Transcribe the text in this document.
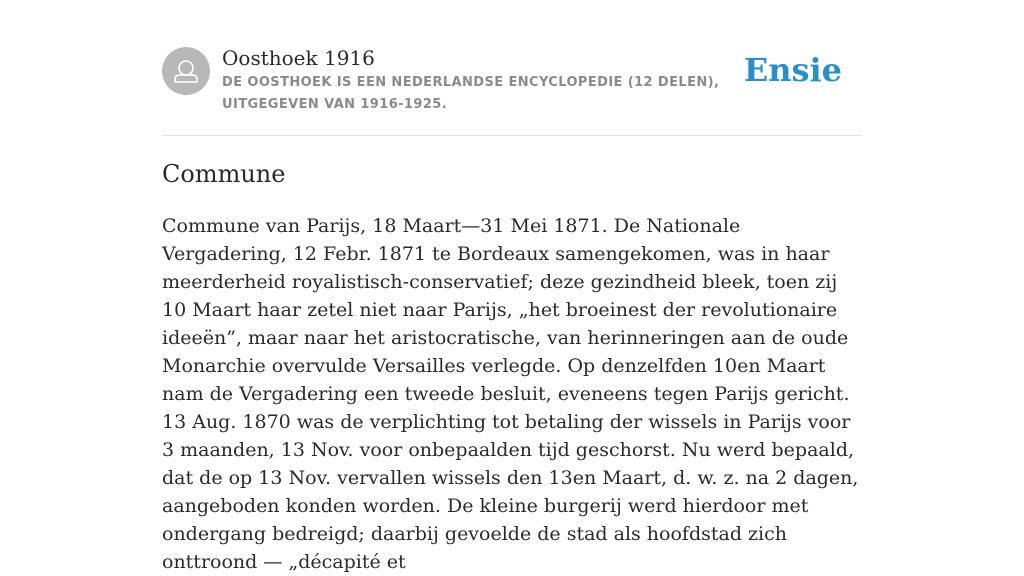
Oosthoek 1916

DE OOSTHOEK IS EEN NEDERLANDSE ENCYCLOPEDIE (12 DELEN), UITGEGEVEN VAN 1916-1925.

Ensie
Commune

Commune van Parijs, 18 Maart—31 Mei 1871. De Nationale Vergadering, 12 Febr. 1871 te Bordeaux samengekomen, was in haar meerderheid royalistisch-conservatief; deze gezindheid bleek, toen zij 10 Maart haar zetel niet naar Parijs, „het broeinest der revolutionaire ideeën”, maar naar het aristocratische, van herinneringen aan de oude Monarchie overvulde Versailles verlegde. Op denzelfden 10en Maart nam de Vergadering een tweede besluit, eveneens tegen Parijs gericht. 13 Aug. 1870 was de verplichting tot betaling der wissels in Parijs voor 3 maanden, 13 Nov. voor onbepaalden tijd geschorst. Nu werd bepaald, dat de op 13 Nov. vervallen wissels den 13en Maart, d. w. z. na 2 dagen, aangeboden konden worden. De kleine burgerij werd hierdoor met ondergang bedreigd; daarbij gevoelde de stad als hoofdstad zich onttroond — „décapité et
